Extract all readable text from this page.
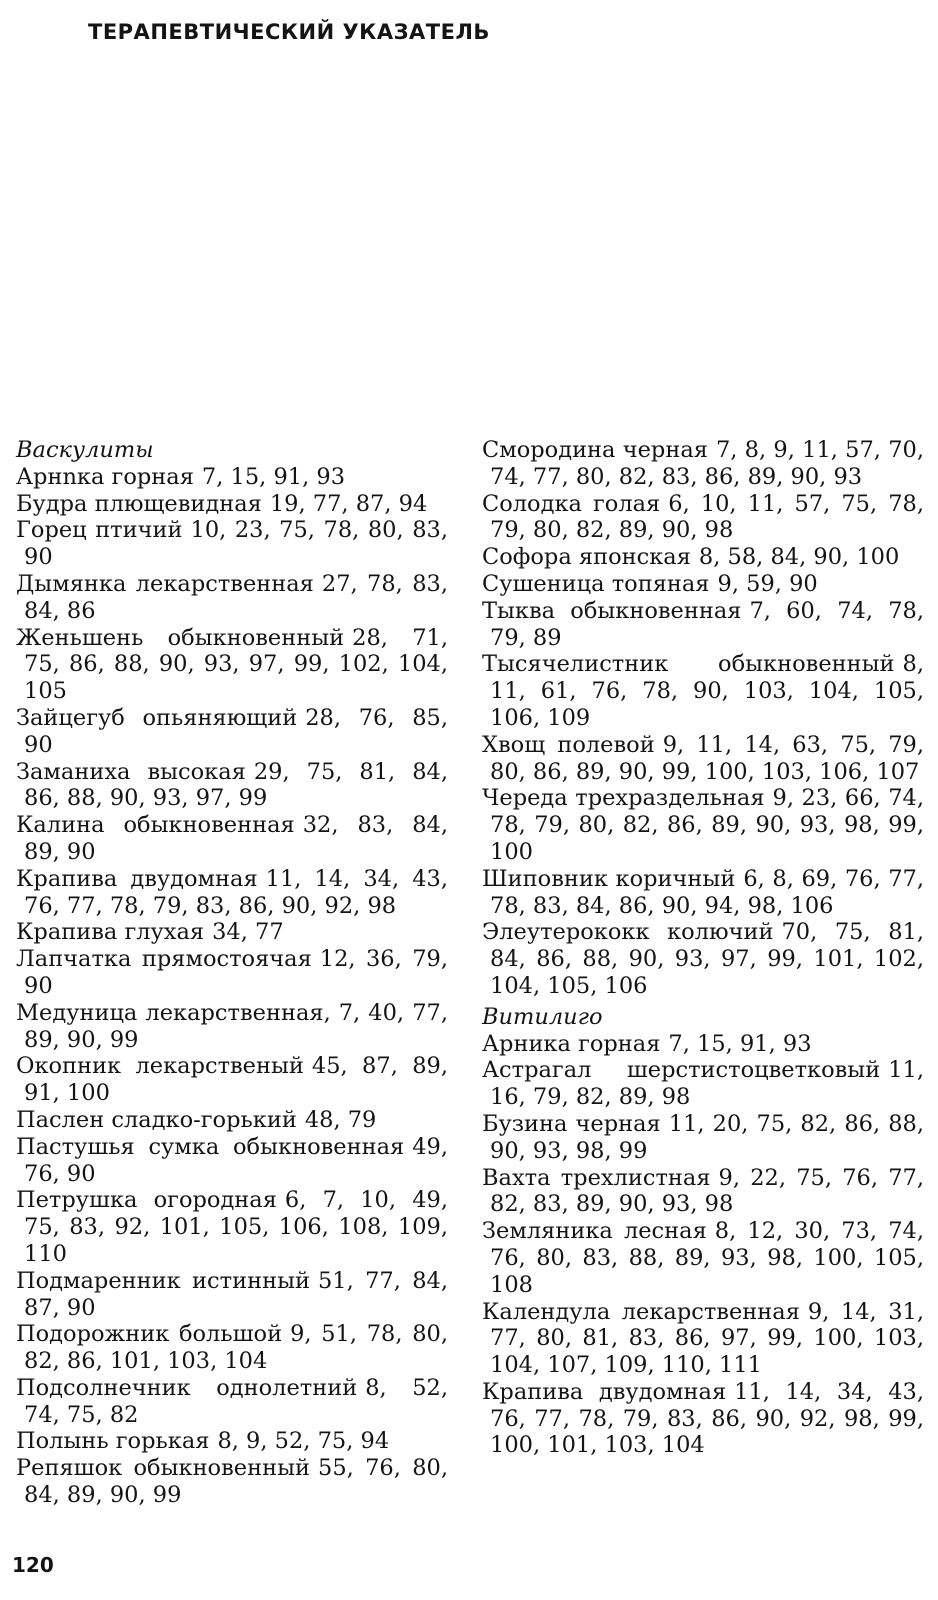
ТЕРАПЕВТИЧЕСКИЙ УКАЗАТЕЛЬ

Васкулиты

Арнnка горная 7, 15, 91, 93

Будра плющевидная 19, 77, 87, 94

Горец птичий 10, 23, 75, 78, 80, 83, 90

Дымянка лекарственная 27, 78, 83, 84, 86

Женьшень обыкновенный 28, 71, 75, 86, 88, 90, 93, 97, 99, 102, 104, 105

Зайцегуб опьяняющий 28, 76, 85, 90

Заманиха высокая 29, 75, 81, 84, 86, 88, 90, 93, 97, 99

Калина обыкновенная 32, 83, 84, 89, 90

Крапива двудомная 11, 14, 34, 43, 76, 77, 78, 79, 83, 86, 90, 92, 98

Крапива глухая 34, 77

Лапчатка прямостоячая 12, 36, 79, 90

Медуница лекарственная, 7, 40, 77, 89, 90, 99

Окопник лекарственый 45, 87, 89, 91, 100

Паслен сладко-горький 48, 79

Пастушья сумка обыкновенная 49, 76, 90

Петрушка огородная 6, 7, 10, 49, 75, 83, 92, 101, 105, 106, 108, 109, 110

Подмаренник истинный 51, 77, 84, 87, 90

Подорожник большой 9, 51, 78, 80, 82, 86, 101, 103, 104

Подсолнечник однолетний 8, 52, 74, 75, 82

Полынь горькая 8, 9, 52, 75, 94

Репяшок обыкновенный 55, 76, 80, 84, 89, 90, 99

Смородина черная 7, 8, 9, 11, 57, 70, 74, 77, 80, 82, 83, 86, 89, 90, 93

Солодка голая 6, 10, 11, 57, 75, 78, 79, 80, 82, 89, 90, 98

Софора японская 8, 58, 84, 90, 100

Сушеница топяная 9, 59, 90

Тыква обыкновенная 7, 60, 74, 78, 79, 89

Тысячелистник обыкновенный 8, 11, 61, 76, 78, 90, 103, 104, 105, 106, 109

Хвощ полевой 9, 11, 14, 63, 75, 79, 80, 86, 89, 90, 99, 100, 103, 106, 107

Череда трехраздельная 9, 23, 66, 74, 78, 79, 80, 82, 86, 89, 90, 93, 98, 99, 100

Шиповник коричный 6, 8, 69, 76, 77, 78, 83, 84, 86, 90, 94, 98, 106

Элеутерококк колючий 70, 75, 81, 84, 86, 88, 90, 93, 97, 99, 101, 102, 104, 105, 106

Витилиго

Арника горная 7, 15, 91, 93

Астрагал шерстистоцветковый 11, 16, 79, 82, 89, 98

Бузина черная 11, 20, 75, 82, 86, 88, 90, 93, 98, 99

Вахта трехлистная 9, 22, 75, 76, 77, 82, 83, 89, 90, 93, 98

Земляника лесная 8, 12, 30, 73, 74, 76, 80, 83, 88, 89, 93, 98, 100, 105, 108

Календула лекарственная 9, 14, 31, 77, 80, 81, 83, 86, 97, 99, 100, 103, 104, 107, 109, 110, 111

Крапива двудомная 11, 14, 34, 43, 76, 77, 78, 79, 83, 86, 90, 92, 98, 99, 100, 101, 103, 104

120
